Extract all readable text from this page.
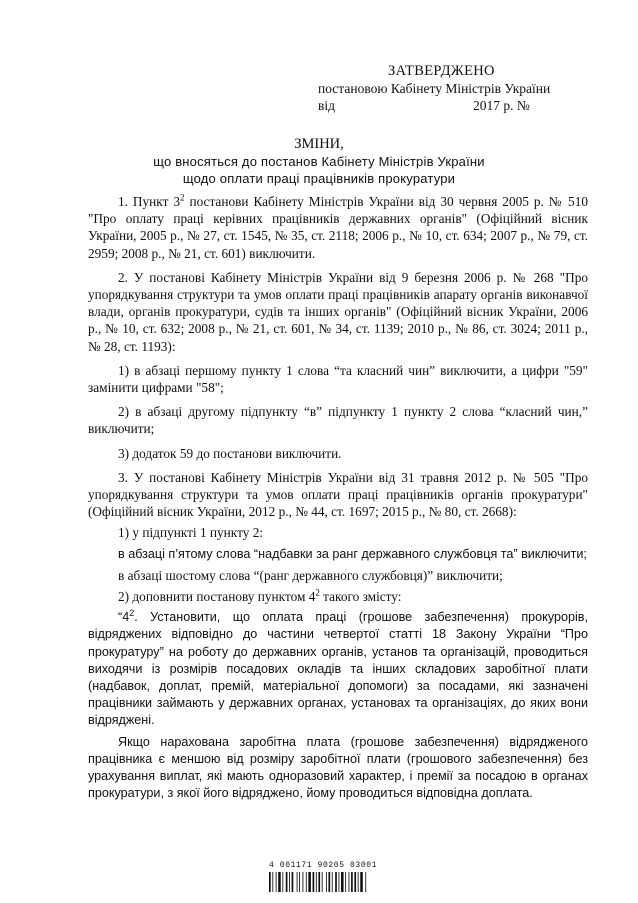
ЗАТВЕРДЖЕНО
постановою Кабінету Міністрів України
від	2017 р. №
ЗМІНИ,
що вносяться до постанов Кабінету Міністрів України
щодо оплати праці працівників прокуратури

1. Пункт $3^2$ постанови Кабінету Міністрів України від 30 червня 2005 р. № 510 "Про оплату праці керівних працівників державних органів" (Офіційний вісник України, 2005 р., № 27, ст. 1545, № 35, ст. 2118; 2006 р., № 10, ст. 634; 2007 р., № 79, ст. 2959; 2008 р., № 21, ст. 601) виключити.

2. У постанові Кабінету Міністрів України від 9 березня 2006 р. № 268 "Про упорядкування структури та умов оплати праці працівників апарату органів виконавчої влади, органів прокуратури, судів та інших органів" (Офіційний вісник України, 2006 р., № 10, ст. 632; 2008 р., № 21, ст. 601, № 34, ст. 1139; 2010 р., № 86, ст. 3024; 2011 р., № 28, ст. 1193):

1) в абзаці першому пункту 1 слова “та класний чин” виключити, а цифри "59" замінити цифрами "58";

2) в абзаці другому підпункту “в” підпункту 1 пункту 2 слова “класний чин,” виключити;

3) додаток 59 до постанови виключити.

3. У постанові Кабінету Міністрів України від 31 травня 2012 р. № 505 "Про упорядкування структури та умов оплати праці працівників органів прокуратури" (Офіційний вісник України, 2012 р., № 44, ст. 1697; 2015 р., № 80, ст. 2668):

1) у підпункті 1 пункту 2:

в абзаці п’ятому слова “надбавки за ранг державного службовця та” виключити;

в абзаці шостому слова “(ранг державного службовця)” виключити;

2) доповнити постанову пунктом $4^2$ такого змісту:

“$4^2$. Установити, що оплата праці (грошове забезпечення) прокурорів, відряджених відповідно до частини четвертої статті 18 Закону України “Про прокуратуру” на роботу до державних органів, установ та організацій, проводиться виходячи із розмірів посадових окладів та інших складових заробітної плати (надбавок, доплат, премій, матеріальної допомоги) за посадами, які зазначені працівники займають у державних органах, установах та організаціях, до яких вони відряджені.

Якщо нарахована заробітна плата (грошове забезпечення) відрядженого працівника є меншою від розміру заробітної плати (грошового забезпечення) без урахування виплат, які мають одноразовий характер, і премії за посадою в органах прокуратури, з якої його відряджено, йому проводиться відповідна доплата.

4 001171 90205 03001
